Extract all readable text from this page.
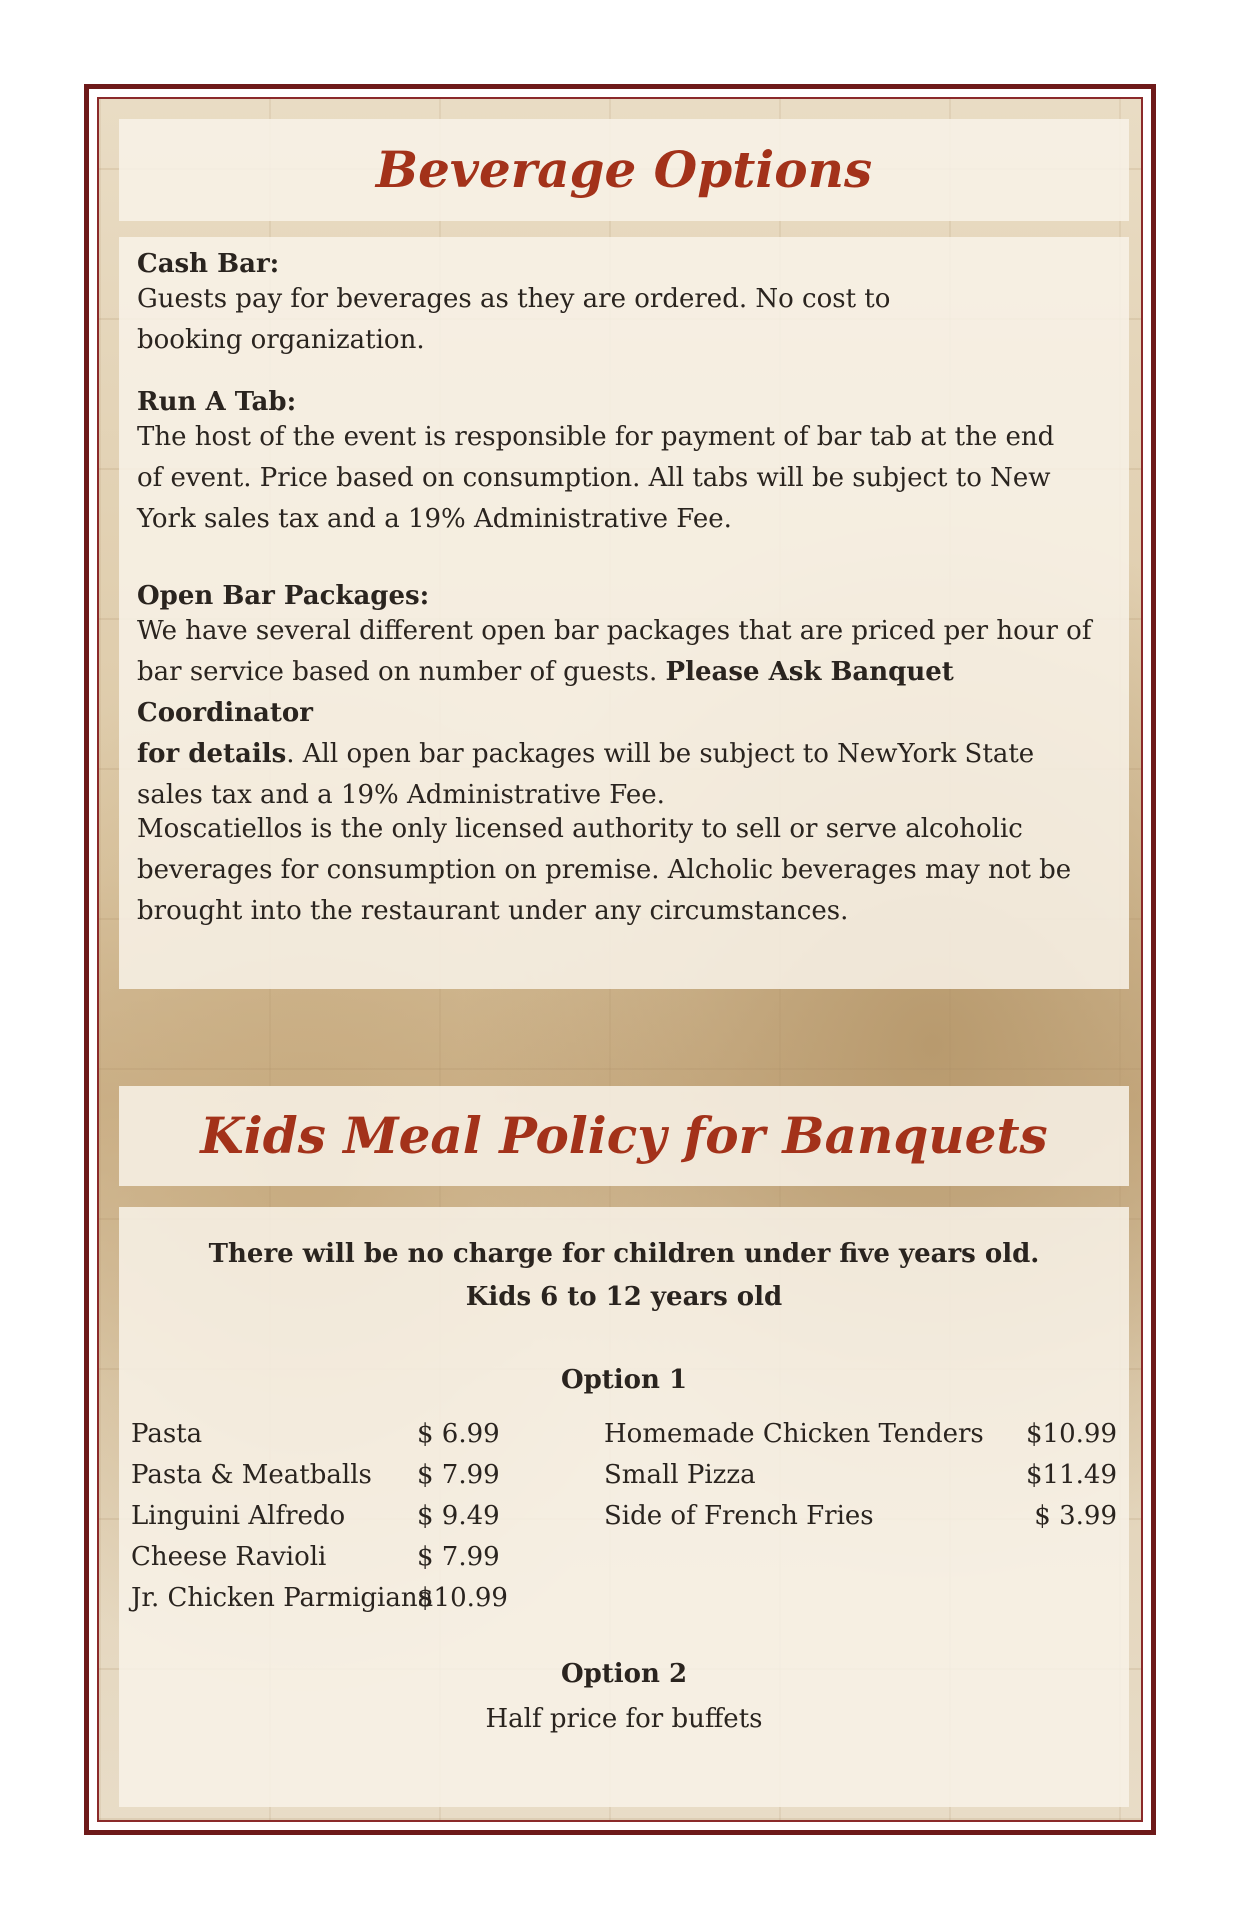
Beverage Options

Cash Bar:

Guests pay for beverages as they are ordered. No cost to

booking organization.

Run A Tab:

The host of the event is responsible for payment of bar tab at the end

of event. Price based on consumption. All tabs will be subject to New

York sales tax and a 19% Administrative Fee.

Open Bar Packages:

We have several different open bar packages that are priced per hour of

bar service based on number of guests. Please Ask Banquet Coordinator

for details. All open bar packages will be subject to NewYork State

sales tax and a 19% Administrative Fee.

Moscatiellos is the only licensed authority to sell or serve alcoholic

beverages for consumption on premise. Alcholic beverages may not be

brought into the restaurant under any circumstances.

Kids Meal Policy for Banquets
There will be no charge for children under five years old.
Kids 6 to 12 years old
Option 1
Pasta	$ 6.99
Pasta & Meatballs $ 7.99
Linguini Alfredo	$ 9.49
Cheese Ravioli	$ 7.99
Jr. Chicken Parmigiana
$10.99
Homemade Chicken Tenders $10.99
Small Pizza	$11.49
Side of French Fries	$ 3.99
Option 2
Half price for buffets
